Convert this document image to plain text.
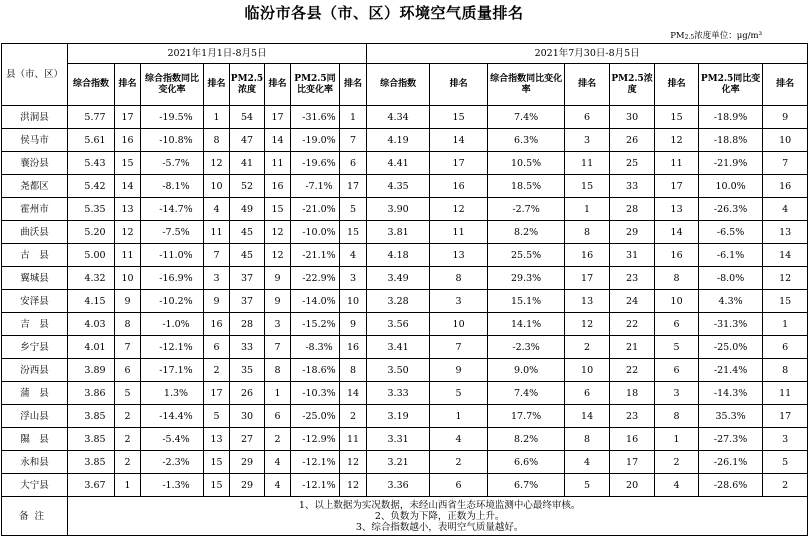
临汾市各县（市、区）环境空气质量排名
PM2.5浓度单位：μg/m³
县（市、区）	2021年1月1日-8月5日								2021年7月30日-8月5日							
	综合指数	排名	综合指数同比变化率	排名	PM2.5浓度	排名	PM2.5同比变化率	排名	综合指数	排名	综合指数同比变化率	排名	PM2.5浓度	排名	PM2.5同比变化率	排名
洪洞县	5.77	17	-19.5%	1	54	17	-31.6%	1	4.34	15	7.4%	6	30	15	-18.9%	9
侯马市	5.61	16	-10.8%	8	47	14	-19.0%	7	4.19	14	6.3%	3	26	12	-18.8%	10
襄汾县	5.43	15	-5.7%	12	41	11	-19.6%	6	4.41	17	10.5%	11	25	11	-21.9%	7
尧都区	5.42	14	-8.1%	10	52	16	-7.1%	17	4.35	16	18.5%	15	33	17	10.0%	16
霍州市	5.35	13	-14.7%	4	49	15	-21.0%	5	3.90	12	-2.7%	1	28	13	-26.3%	4
曲沃县	5.20	12	-7.5%	11	45	12	-10.0%	15	3.81	11	8.2%	8	29	14	-6.5%	13
古　县	5.00	11	-11.0%	7	45	12	-21.1%	4	4.18	13	25.5%	16	31	16	-6.1%	14
翼城县	4.32	10	-16.9%	3	37	9	-22.9%	3	3.49	8	29.3%	17	23	8	-8.0%	12
安泽县	4.15	9	-10.2%	9	37	9	-14.0%	10	3.28	3	15.1%	13	24	10	4.3%	15
吉　县	4.03	8	-1.0%	16	28	3	-15.2%	9	3.56	10	14.1%	12	22	6	-31.3%	1
乡宁县	4.01	7	-12.1%	6	33	7	-8.3%	16	3.41	7	-2.3%	2	21	5	-25.0%	6
汾西县	3.89	6	-17.1%	2	35	8	-18.6%	8	3.50	9	9.0%	10	22	6	-21.4%	8
蒲　县	3.86	5	1.3%	17	26	1	-10.3%	14	3.33	5	7.4%	6	18	3	-14.3%	11
浮山县	3.85	2	-14.4%	5	30	6	-25.0%	2	3.19	1	17.7%	14	23	8	35.3%	17
隰　县	3.85	2	-5.4%	13	27	2	-12.9%	11	3.31	4	8.2%	8	16	1	-27.3%	3
永和县	3.85	2	-2.3%	15	29	4	-12.1%	12	3.21	2	6.6%	4	17	2	-26.1%	5
大宁县	3.67	1	-1.3%	15	29	4	-12.1%	12	3.36	6	6.7%	5	20	4	-28.6%	2
备注	1、以上数据为实况数据，未经山西省生态环境监测中心最终审核。
2、负数为下降，正数为上升。
3、综合指数越小，表明空气质量越好。															
